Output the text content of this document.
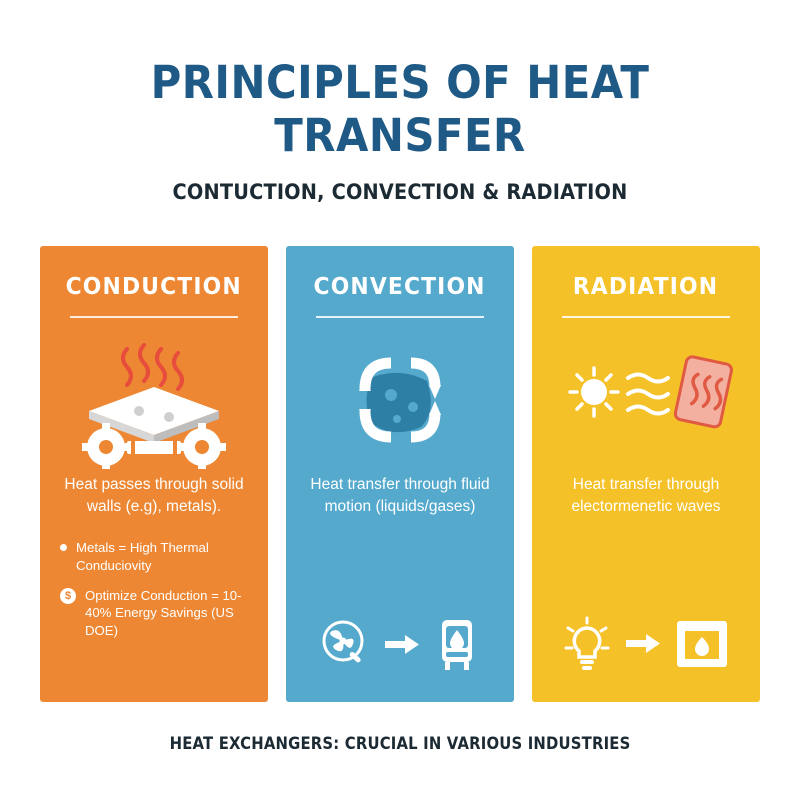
PRINCIPLES OF HEAT TRANSFER
CONTUCTION, CONVECTION & RADIATION
CONDUCTION

Heat passes through solid walls (e.g), metals).

Metals = High Thermal Conduciovity
$	Optimize Conduction = 10-40% Energy Savings (US DOE)
CONVECTION

Heat transfer through fluid motion (liquids/gases)

RADIATION

Heat transfer through electormenetic waves

HEAT EXCHANGERS: CRUCIAL IN VARIOUS INDUSTRIES
